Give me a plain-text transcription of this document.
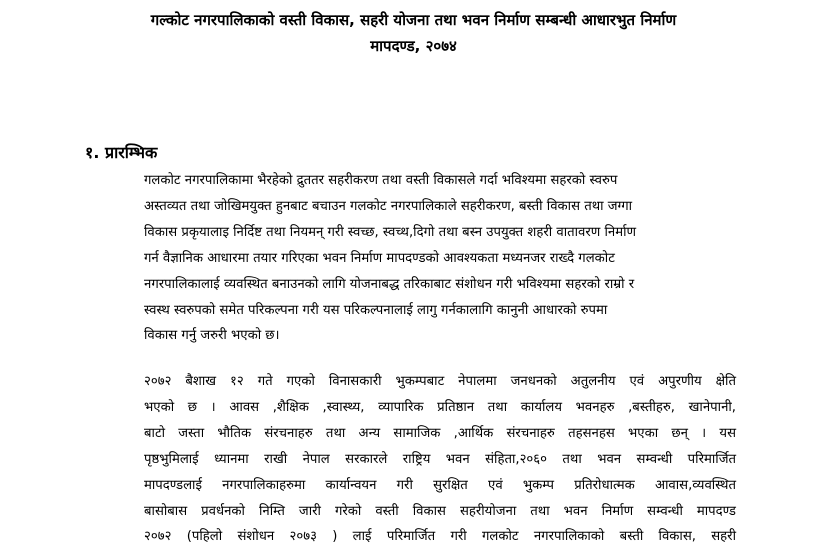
गल्कोट नगरपालिकाको वस्ती विकास, सहरी योजना तथा भवन निर्माण सम्बन्धी आधारभुत निर्माण
मापदण्ड, २०७४
१. प्रारम्भिक
गलकोट नगरपालिकामा भैरहेको द्रुततर सहरीकरण तथा वस्ती विकासले गर्दा भविश्यमा सहरको स्वरुप
अस्तव्यत तथा जोखिमयुक्त हुनबाट बचाउन गलकोट नगरपालिकाले सहरीकरण, बस्ती विकास तथा जग्गा
विकास प्रकृयालाइ निर्दिष्ट तथा नियमन् गरी स्वच्छ, स्वच्थ,दिगो तथा बस्न उपयुक्त शहरी वातावरण निर्माण
गर्न वैज्ञानिक आधारमा तयार गरिएका भवन निर्माण मापदण्डको आवश्यकता मध्यनजर राख्दै गलकोट
नगरपालिकालाई व्यवस्थित बनाउनको लागि योजनाबद्ध तरिकाबाट संशोधन गरी भविश्यमा सहरको राम्रो र
स्वस्थ स्वरुपको समेत परिकल्पना गरी यस परिकल्पनालाई लागु गर्नकालागि कानुनी आधारको रुपमा
विकास गर्नु जरुरी भएको छ।
२०७२ बैशाख १२ गते गएको विनासकारी भुकम्पबाट नेपालमा जनधनको अतुलनीय एवं अपुरणीय क्षेति
भएको छ । आवस ,शैक्षिक ,स्वास्थ्य, व्यापारिक प्रतिष्ठान तथा कार्यालय भवनहरु ,बस्तीहरु, खानेपानी,
बाटो जस्ता भौतिक संरचनाहरु तथा अन्य सामाजिक ,आर्थिक संरचनाहरु तहसनहस भएका छन् । यस
पृष्ठभुमिलाई ध्यानमा राखी नेपाल सरकारले राष्ट्रिय भवन संहिता,२०६० तथा भवन सम्वन्धी परिमार्जित
मापदण्डलाई नगरपालिकाहरुमा कार्यान्वयन गरी सुरक्षित एवं भुकम्प प्रतिरोधात्मक आवास,व्यवस्थित
बासोबास प्रवर्धनको निम्ति जारी गरेको वस्ती विकास सहरीयोजना तथा भवन निर्माण सम्वन्धी मापदण्ड
२०७२ (पहिलो संशोधन २०७३ ) लाई परिमार्जित गरी गलकोट नगरपालिकाको बस्ती विकास, सहरी
